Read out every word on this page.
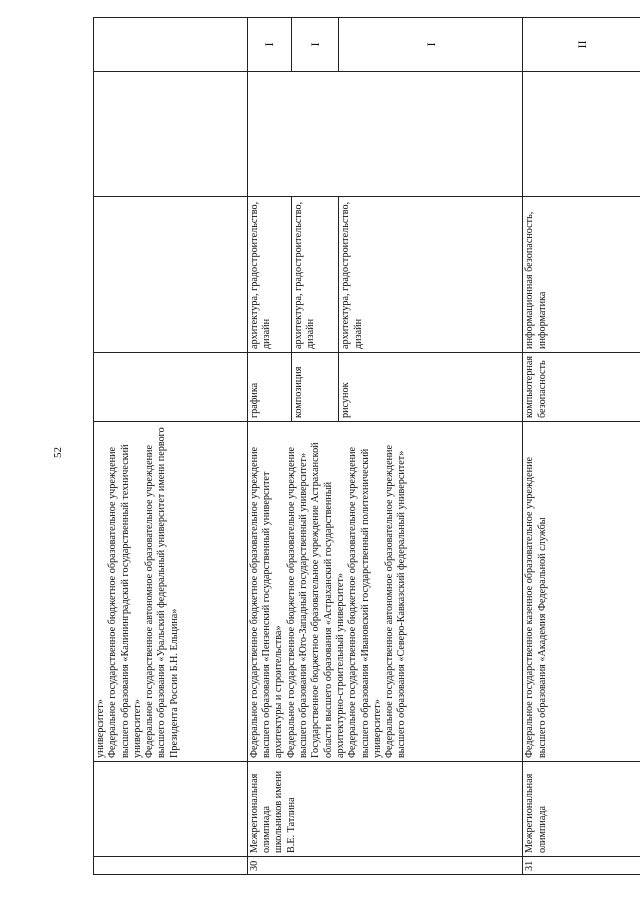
52

		университет» Федеральное государственное бюджетное образовательное учреждение высшего образования «Калининградский государственный технический университет» Федеральное государственное автономное образовательное учреждение высшего образования «Уральский федеральный университет имени первого Президента России Б.Н. Ельцина»				

30	Межрегиональная олимпиада школьников имени В.Е. Татлина	Федеральное государственное бюджетное образовательное учреждение высшего образования «Пензенский государственный университет архитектуры и строительства» Федеральное государственное бюджетное образовательное учреждение высшего образования «Юго-Западный государственный университет» Государственное бюджетное образовательное учреждение Астраханской области высшего образования «Астраханский государственный архитектурно-строительный университет» Федеральное государственное бюджетное образовательное учреждение высшего образования «Ивановский государственный политехнический университет» Федеральное государственное автономное образовательное учреждение высшего образования «Северо-Кавказский федеральный университет»	графика	архитектура, градостроительство, дизайн		I
			композиция	архитектура, градостроительство, дизайн		I
			рисунок	архитектура, градостроительство, дизайн		I
31	Межрегиональная олимпиада	Федеральное государственное казенное образовательное учреждение высшего образования «Академия Федеральной службы	компьютерная безопасность	информационная безопасность, информатика		II
